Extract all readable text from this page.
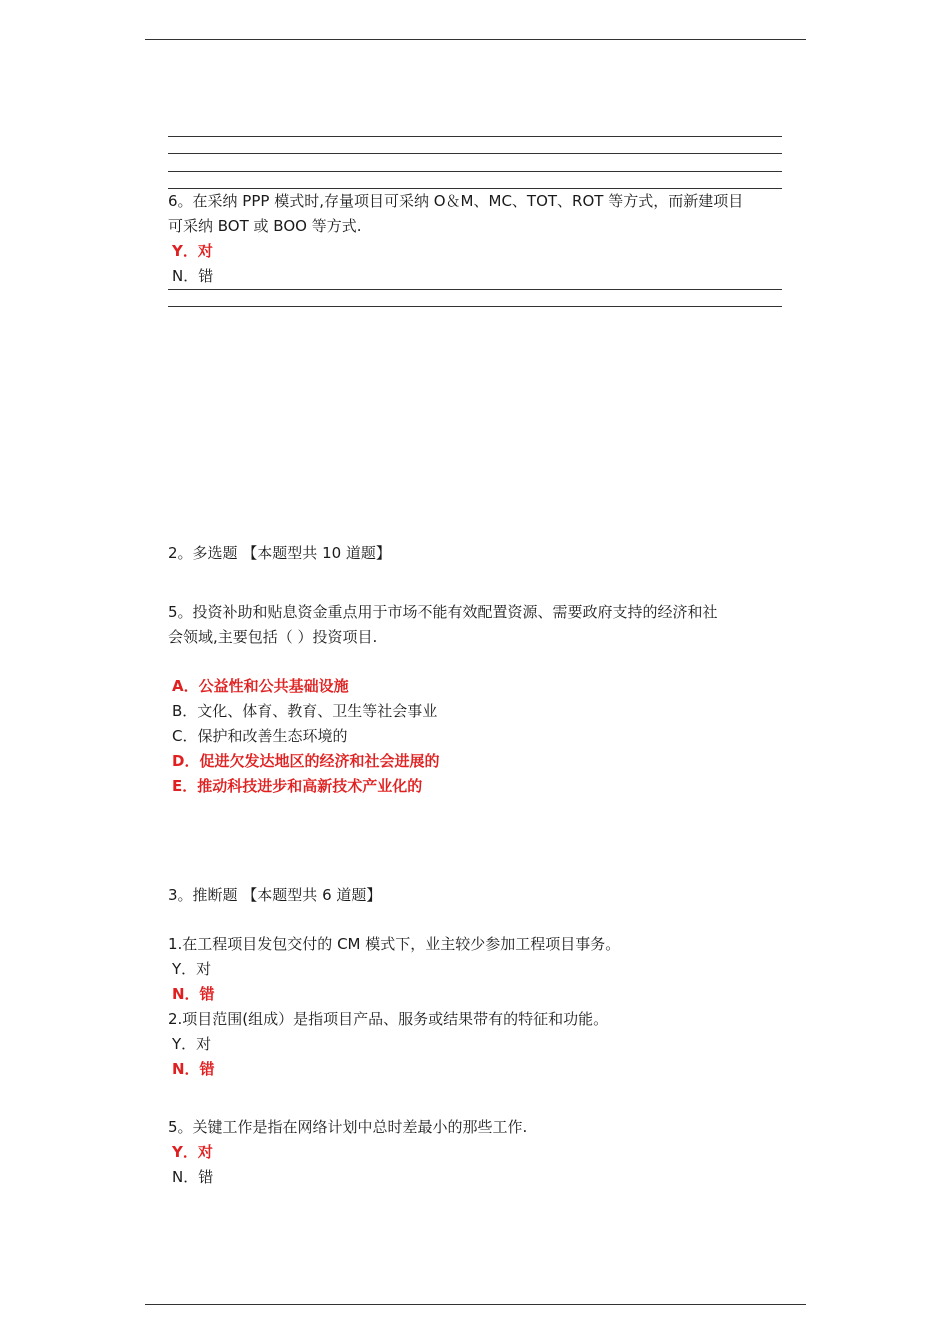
6。在采纳 PPP 模式时,存量项目可采纳 O＆M、MC、TOT、ROT 等方式，而新建项目
可采纳 BOT 或 BOO 等方式.
Y．对
N．错
2。多选题 【本题型共 10 道题】
5。投资补助和贴息资金重点用于市场不能有效配置资源、需要政府支持的经济和社
会领域,主要包括（ ）投资项目.
A．公益性和公共基础设施
B．文化、体育、教育、卫生等社会事业
C．保护和改善生态环境的
D．促进欠发达地区的经济和社会进展的
E．推动科技进步和高新技术产业化的
3。推断题 【本题型共 6 道题】
1.在工程项目发包交付的 CM 模式下，业主较少参加工程项目事务。
Y．对
N．错
2.项目范围(组成）是指项目产品、服务或结果带有的特征和功能。
Y．对
N．错
5。关键工作是指在网络计划中总时差最小的那些工作.
Y．对
N．错
